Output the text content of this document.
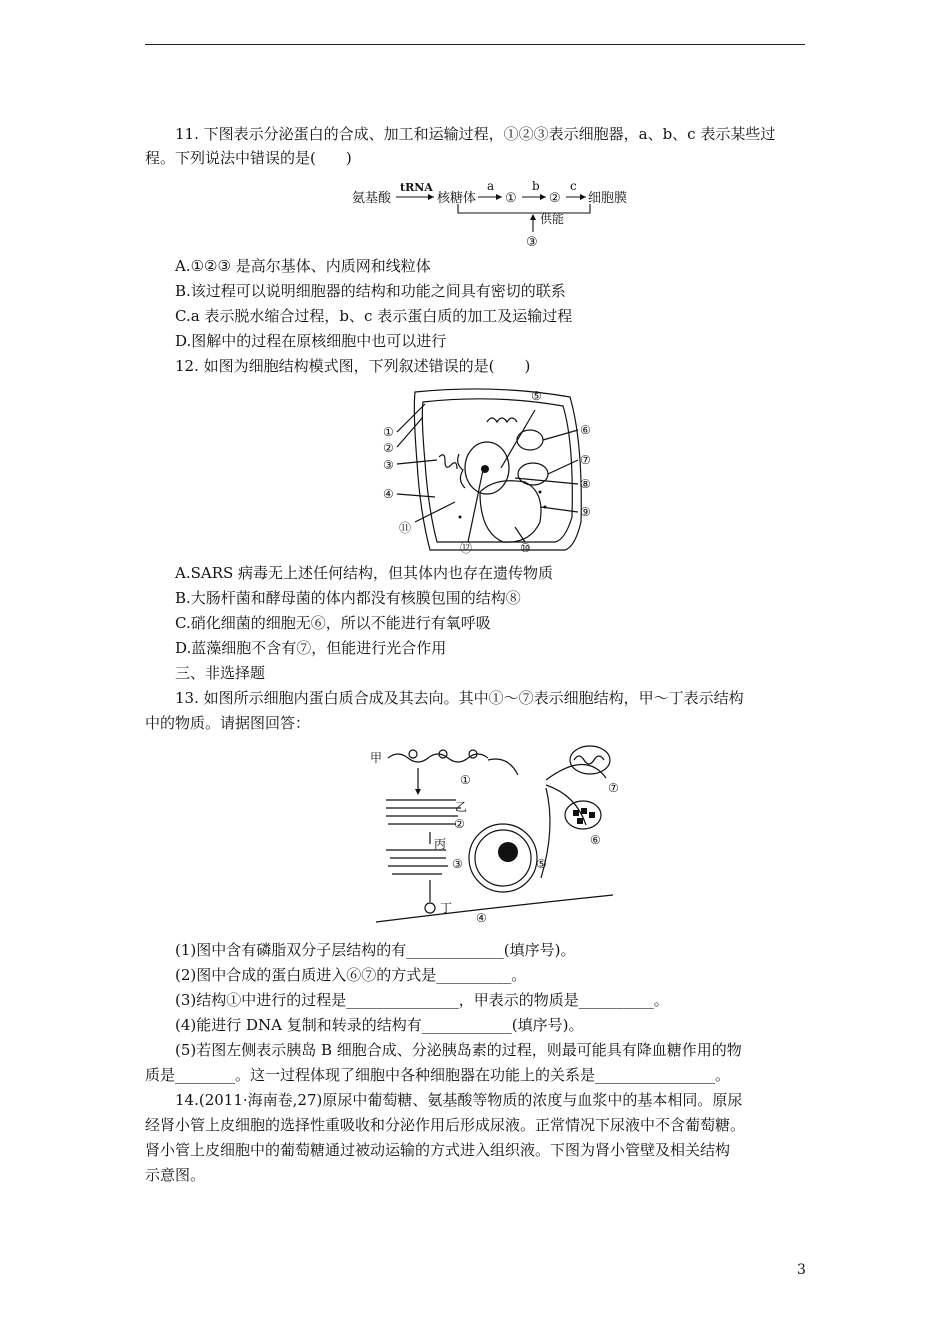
11. 下图表示分泌蛋白的合成、加工和运输过程，①②③表示细胞器，a、b、c 表示某些过
程。下列说法中错误的是(　　)
氨基酸
tRNA
核糖体
a
①
b
②
c
细胞膜
供能
③
A.①②③ 是高尔基体、内质网和线粒体
B.该过程可以说明细胞器的结构和功能之间具有密切的联系
C.a 表示脱水缩合过程，b、c 表示蛋白质的加工及运输过程
D.图解中的过程在原核细胞中也可以进行
12. 如图为细胞结构模式图，下列叙述错误的是(　　)
①
②
③
④
⑤
⑥
⑦
⑧
⑨
⑩
⑪
⑫
A.SARS 病毒无上述任何结构，但其体内也存在遗传物质
B.大肠杆菌和酵母菌的体内都没有核膜包围的结构⑧
C.硝化细菌的细胞无⑥，所以不能进行有氧呼吸
D.蓝藻细胞不含有⑦，但能进行光合作用
三、非选择题
13. 如图所示细胞内蛋白质合成及其去向。其中①～⑦表示细胞结构，甲～丁表示结构
中的物质。请据图回答：
甲
①
乙
②
丙
③
丁
④
⑤
⑥
⑦
(1)图中含有磷脂双分子层结构的有_____________(填序号)。
(2)图中合成的蛋白质进入⑥⑦的方式是__________。
(3)结构①中进行的过程是_______________，甲表示的物质是__________。
(4)能进行 DNA 复制和转录的结构有____________(填序号)。
(5)若图左侧表示胰岛 B 细胞合成、分泌胰岛素的过程，则最可能具有降血糖作用的物
质是________。这一过程体现了细胞中各种细胞器在功能上的关系是________________。
14.(2011·海南卷,27)原尿中葡萄糖、氨基酸等物质的浓度与血浆中的基本相同。原尿
经肾小管上皮细胞的选择性重吸收和分泌作用后形成尿液。正常情况下尿液中不含葡萄糖。
肾小管上皮细胞中的葡萄糖通过被动运输的方式进入组织液。下图为肾小管壁及相关结构
示意图。
3
